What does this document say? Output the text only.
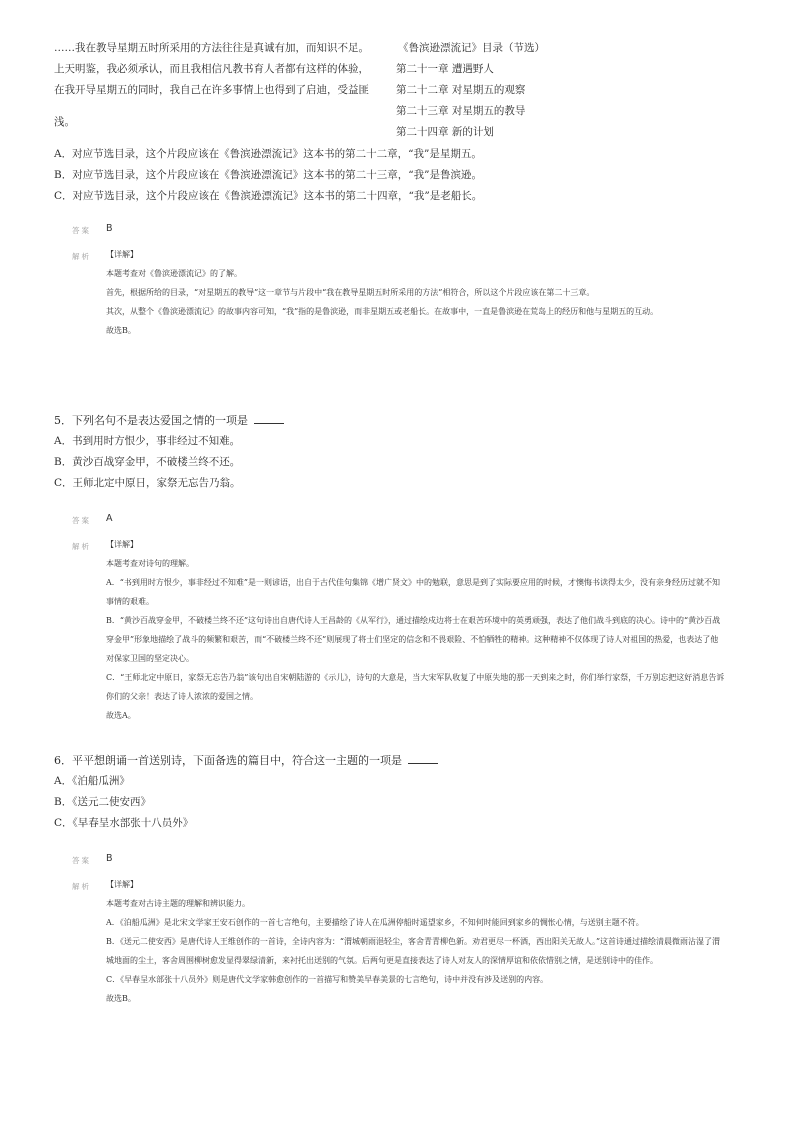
……我在教导星期五时所采用的方法往往是真诚有加，而知识不足。
上天明鉴，我必须承认，而且我相信凡教书育人者都有这样的体验，
在我开导星期五的同时，我自己在许多事情上也得到了启迪，受益匪
浅。
《鲁滨逊漂流记》目录（节选）
第二十一章 遭遇野人
第二十二章 对星期五的观察
第二十三章 对星期五的教导
第二十四章 新的计划
A．对应节选目录，这个片段应该在《鲁滨逊漂流记》这本书的第二十二章，“我”是星期五。
B．对应节选目录，这个片段应该在《鲁滨逊漂流记》这本书的第二十三章，“我”是鲁滨逊。
C．对应节选目录，这个片段应该在《鲁滨逊漂流记》这本书的第二十四章，“我”是老船长。
答案 B
解析 【详解】

本题考查对《鲁滨逊漂流记》的了解。

首先，根据所给的目录，“对星期五的教导”这一章节与片段中“我在教导星期五时所采用的方法”相符合，所以这个片段应该在第二十三章。

其次，从整个《鲁滨逊漂流记》的故事内容可知，“我”指的是鲁滨逊，而非星期五或老船长。在故事中，一直是鲁滨逊在荒岛上的经历和他与星期五的互动。

故选B。

5．下列名句不是表达爱国之情的一项是
A．书到用时方恨少，事非经过不知难。
B．黄沙百战穿金甲，不破楼兰终不还。
C．王师北定中原日，家祭无忘告乃翁。
答案 A
解析 【详解】

本题考查对诗句的理解。

A．“书到用时方恨少，事非经过不知难”是一则谚语，出自于古代佳句集锦《增广贤文》中的勉联，意思是到了实际要应用的时候，才懊悔书读得太少，没有亲身经历过就不知事情的艰难。

B．“黄沙百战穿金甲，不破楼兰终不还”这句诗出自唐代诗人王昌龄的《从军行》，通过描绘戍边将士在艰苦环境中的英勇顽强，表达了他们战斗到底的决心。诗中的“黄沙百战穿金甲”形象地描绘了战斗的频繁和艰苦，而“不破楼兰终不还”则展现了将士们坚定的信念和不畏艰险、不怕牺牲的精神。这种精神不仅体现了诗人对祖国的热爱，也表达了他对保家卫国的坚定决心。

C．“王师北定中原日，家祭无忘告乃翁”该句出自宋朝陆游的《示儿》，诗句的大意是，当大宋军队收复了中原失地的那一天到来之时，你们举行家祭，千万别忘把这好消息告诉你们的父亲！表达了诗人浓浓的爱国之情。

故选A。

6．平平想朗诵一首送别诗，下面备选的篇目中，符合这一主题的一项是
A．《泊船瓜洲》
B．《送元二使安西》
C．《早春呈水部张十八员外》
答案 B
解析 【详解】

本题考查对古诗主题的理解和辨识能力。

A．《泊船瓜洲》是北宋文学家王安石创作的一首七言绝句，主要描绘了诗人在瓜洲停船时遥望家乡，不知何时能回到家乡的惆怅心情，与送别主题不符。

B．《送元二使安西》是唐代诗人王维创作的一首诗，全诗内容为：“渭城朝雨浥轻尘，客舍青青柳色新。劝君更尽一杯酒，西出阳关无故人。”这首诗通过描绘清晨微雨沾湿了渭城地面的尘土，客舍周围柳树愈发显得翠绿清新，来衬托出送别的气氛。后两句更是直接表达了诗人对友人的深情厚谊和依依惜别之情，是送别诗中的佳作。

C．《早春呈水部张十八员外》则是唐代文学家韩愈创作的一首描写和赞美早春美景的七言绝句，诗中并没有涉及送别的内容。

故选B。
